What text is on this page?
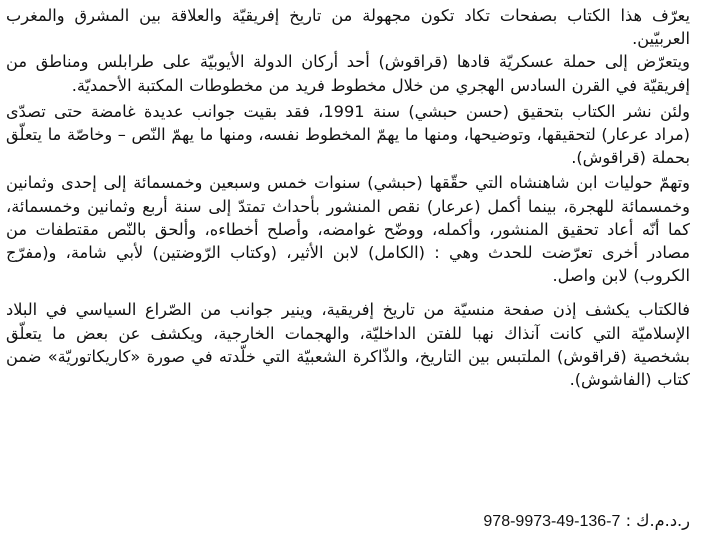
يعرّف هذا الكتاب بصفحات تكاد تكون مجهولة من تاريخ إفريقيّة والعلاقة بين المشرق والمغرب العربيّين.

ويتعرّض إلى حملة عسكريّة قادها (قراقوش) أحد أركان الدولة الأيوبيّة على طرابلس ومناطق من إفريقيّة في القرن السادس الهجري من خلال مخطوط فريد من مخطوطات المكتبة الأحمديّة.

ولئن نشر الكتاب بتحقيق (حسن حبشي) سنة 1991، فقد بقيت جوانب عديدة غامضة حتى تصدّى (مراد عرعار) لتحقيقها، وتوضيحها، ومنها ما يهمّ المخطوط نفسه، ومنها ما يهمّ النّص – وخاصّة ما يتعلّق بحملة (قراقوش).

وتهمّ حوليات ابن شاهنشاه التي حقّقها (حبشي) سنوات خمس وسبعين وخمسمائة إلى إحدى وثمانين وخمسمائة للهجرة، بينما أكمل (عرعار) نقص المنشور بأحداث تمتدّ إلى سنة أربع وثمانين وخمسمائة، كما أنّه أعاد تحقيق المنشور، وأكمله، ووضّح غوامضه، وأصلح أخطاءه، وألحق بالنّص مقتطفات من مصادر أخرى تعرّضت للحدث وهي : (الكامل) لابن الأثير، (وكتاب الرّوضتين) لأبي شامة، و(مفرّج الكروب) لابن واصل.

فالكتاب يكشف إذن صفحة منسيّة من تاريخ إفريقية، وينير جوانب من الصّراع السياسي في البلاد الإسلاميّة التي كانت آنذاك نهبا للفتن الداخليّة، والهجمات الخارجية، ويكشف عن بعض ما يتعلّق بشخصية (قراقوش) الملتبس بين التاريخ، والذّاكرة الشعبيّة التي خلّدته في صورة «كاريكاتوريّة» ضمن كتاب (الفاشوش).

ر.د.م.ك : 978-9973-49-136-7
